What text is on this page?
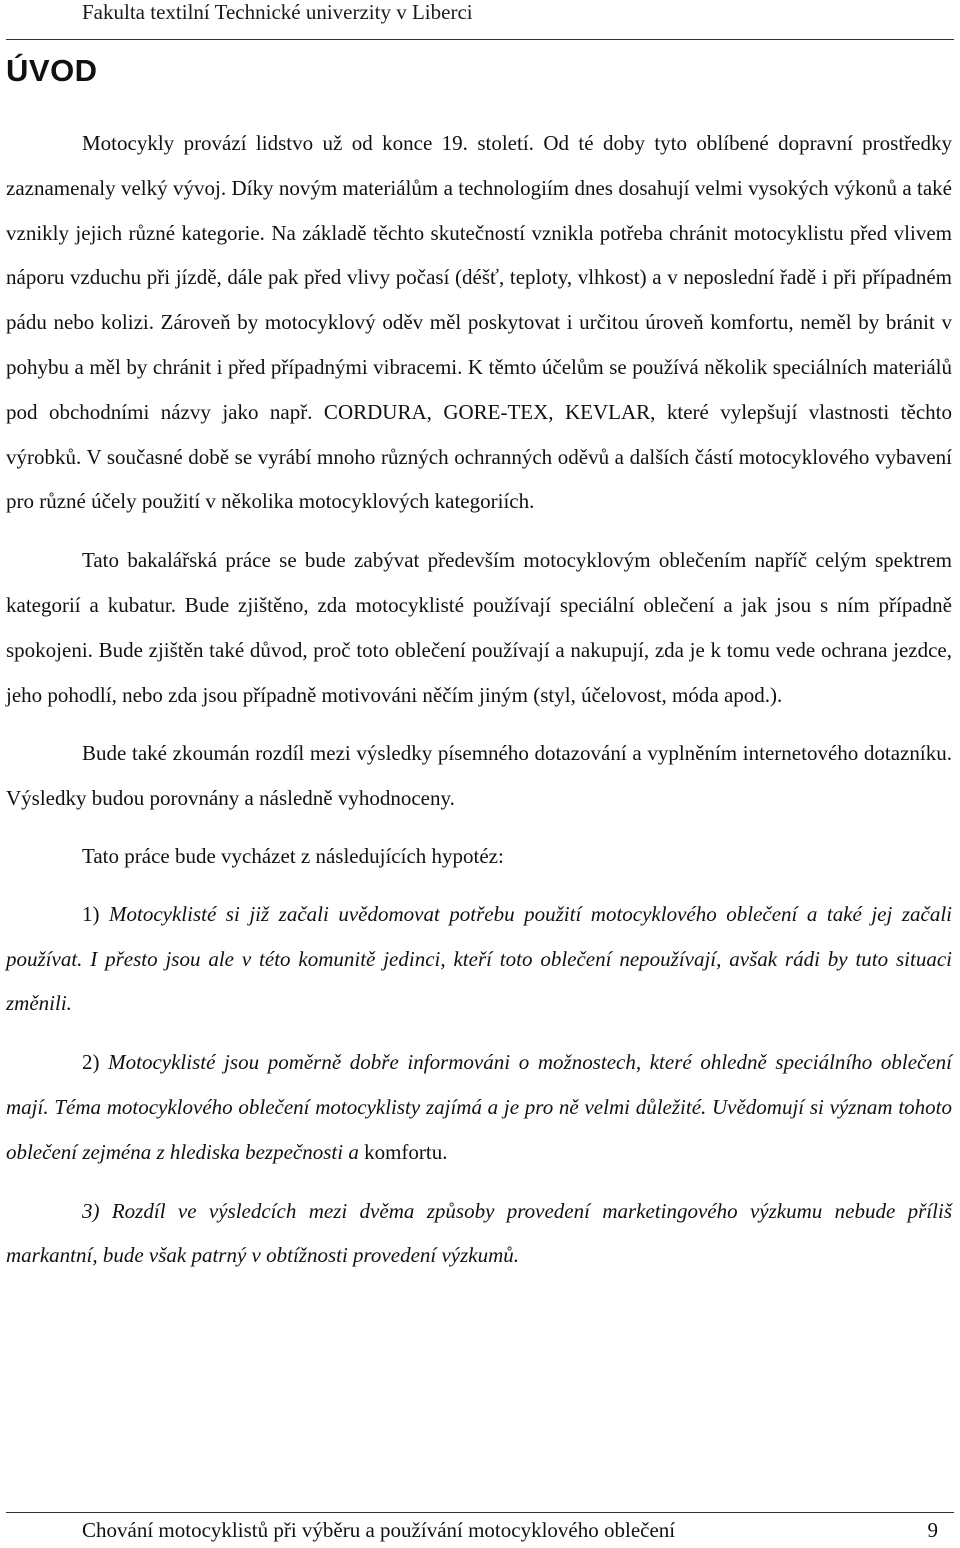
Fakulta textilní Technické univerzity v Liberci
ÚVOD

Motocykly provází lidstvo už od konce 19. století. Od té doby tyto oblíbené dopravní prostředky zaznamenaly velký vývoj. Díky novým materiálům a technologiím dnes dosahují velmi vysokých výkonů a také vznikly jejich různé kategorie. Na základě těchto skutečností vznikla potřeba chránit motocyklistu před vlivem náporu vzduchu při jízdě, dále pak před vlivy počasí (déšť, teploty, vlhkost) a v neposlední řadě i při případném pádu nebo kolizi. Zároveň by motocyklový oděv měl poskytovat i určitou úroveň komfortu, neměl by bránit v pohybu a měl by chránit i před případnými vibracemi. K těmto účelům se používá několik speciálních materiálů pod obchodními názvy jako např. CORDURA, GORE-TEX, KEVLAR, které vylepšují vlastnosti těchto výrobků. V současné době se vyrábí mnoho různých ochranných oděvů a dalších částí motocyklového vybavení pro různé účely použití v několika motocyklových kategoriích.

Tato bakalářská práce se bude zabývat především motocyklovým oblečením napříč celým spektrem kategorií a kubatur. Bude zjištěno, zda motocyklisté používají speciální oblečení a jak jsou s ním případně spokojeni. Bude zjištěn také důvod, proč toto oblečení používají a nakupují, zda je k tomu vede ochrana jezdce, jeho pohodlí, nebo zda jsou případně motivováni něčím jiným (styl, účelovost, móda apod.).

Bude také zkoumán rozdíl mezi výsledky písemného dotazování a vyplněním internetového dotazníku. Výsledky budou porovnány a následně vyhodnoceny.

Tato práce bude vycházet z následujících hypotéz:

1) Motocyklisté si již začali uvědomovat potřebu použití motocyklového oblečení a také jej začali používat. I přesto jsou ale v této komunitě jedinci, kteří toto oblečení nepoužívají, avšak rádi by tuto situaci změnili.

2) Motocyklisté jsou poměrně dobře informováni o možnostech, které ohledně speciálního oblečení mají. Téma motocyklového oblečení motocyklisty zajímá a je pro ně velmi důležité. Uvědomují si význam tohoto oblečení zejména z hlediska bezpečnosti a komfortu.

3) Rozdíl ve výsledcích mezi dvěma způsoby provedení marketingového výzkumu nebude příliš markantní, bude však patrný v obtížnosti provedení výzkumů.

Chování motocyklistů při výběru a používání motocyklového oblečení	9
